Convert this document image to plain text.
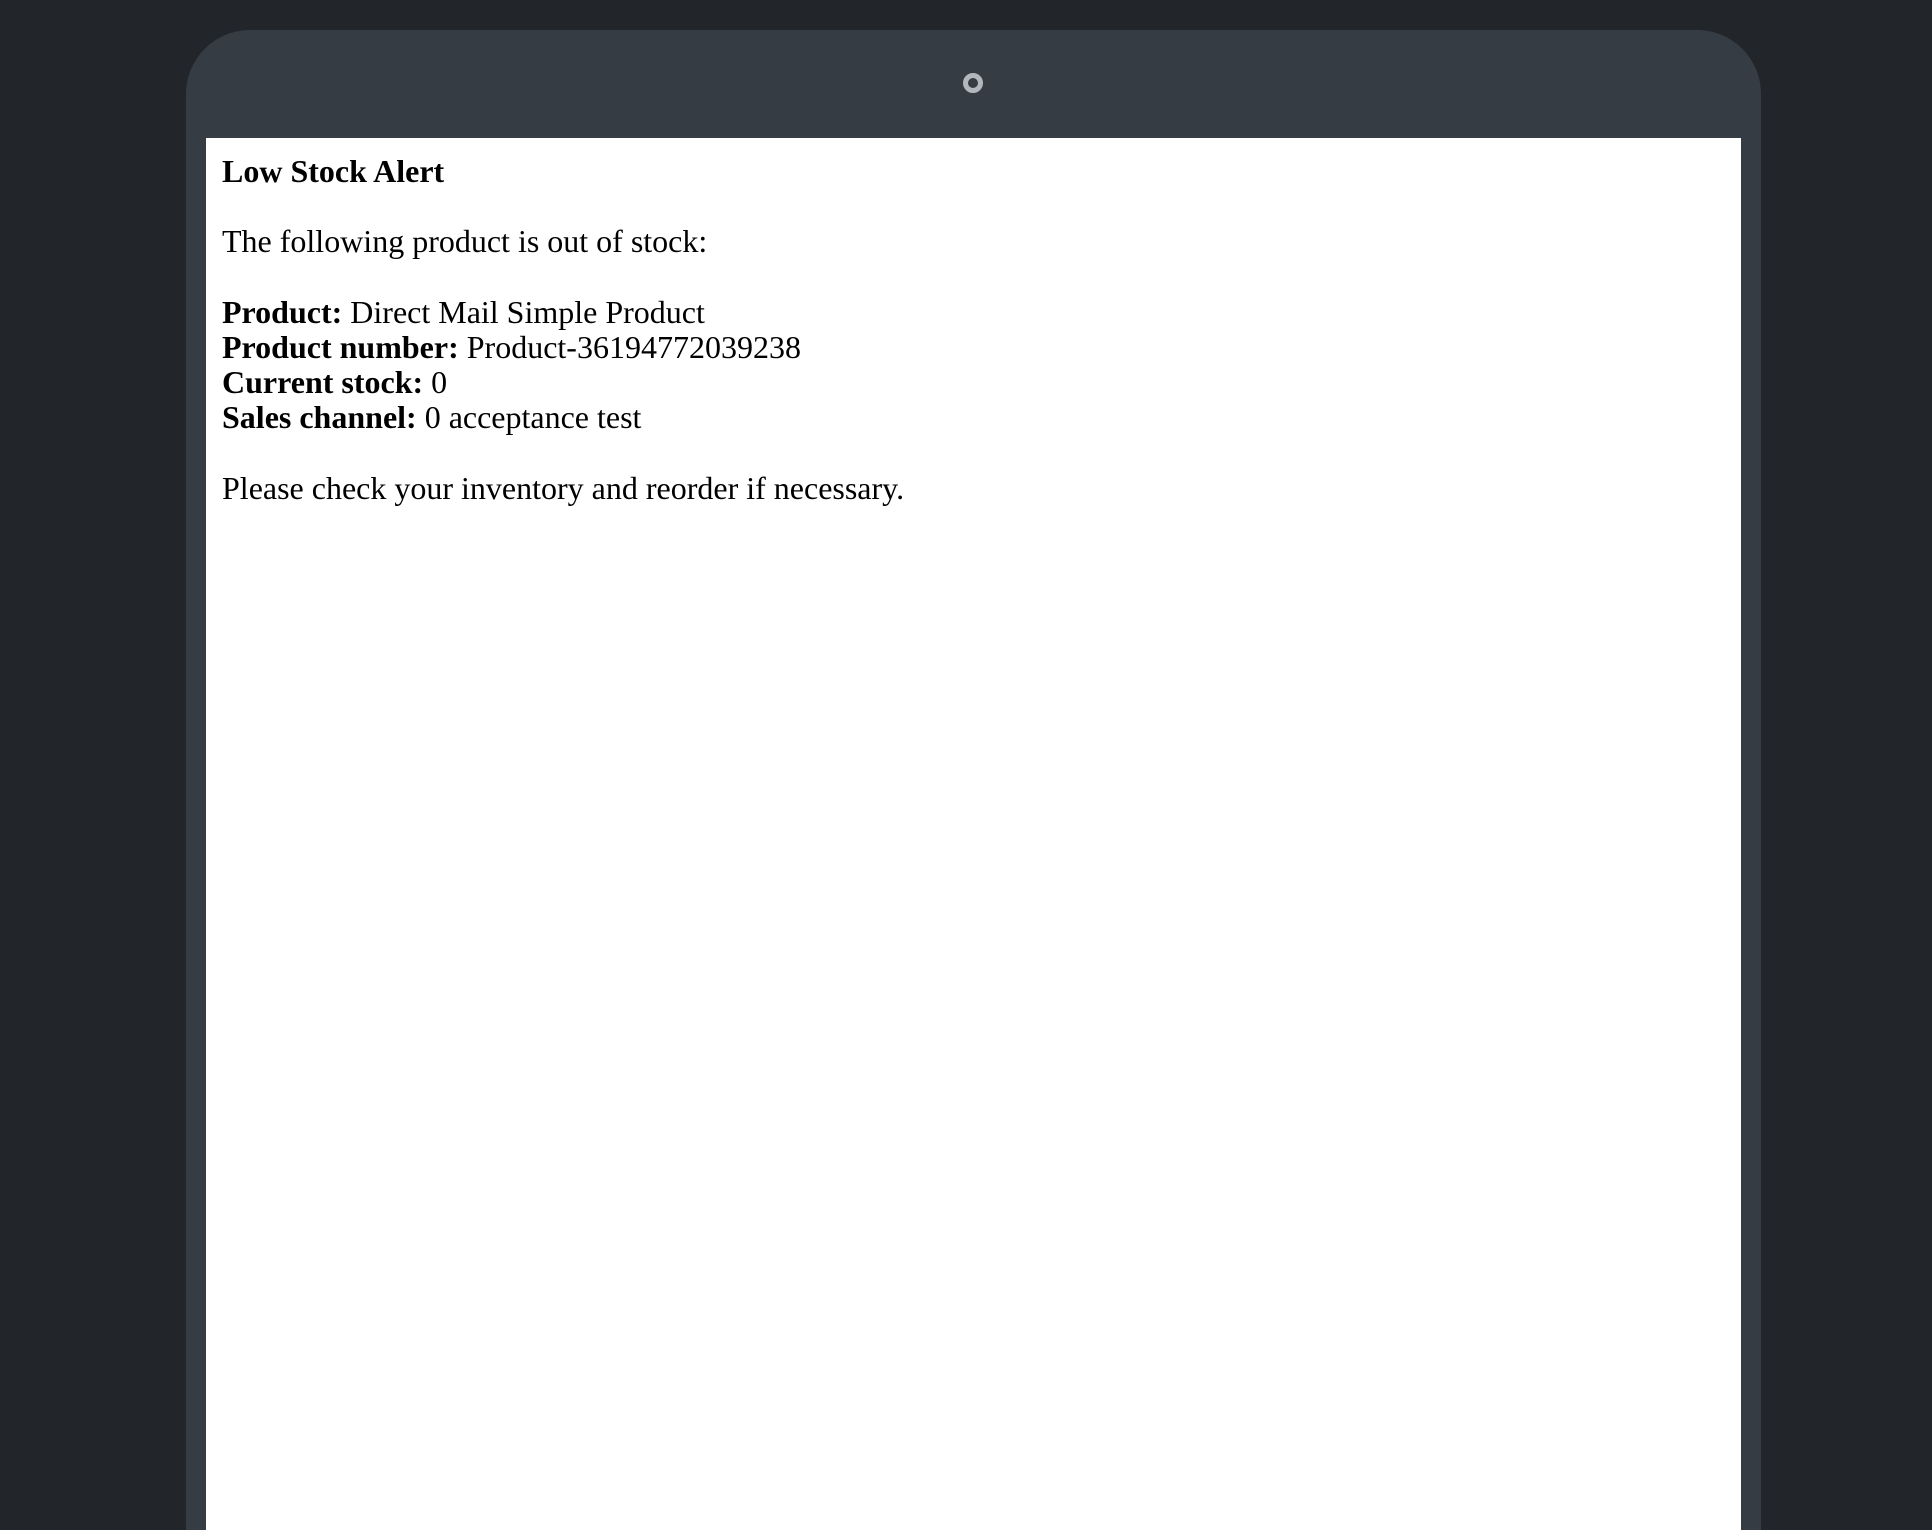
Low Stock Alert

The following product is out of stock:

Product: Direct Mail Simple Product
Product number: Product-36194772039238
Current stock: 0
Sales channel: 0 acceptance test

Please check your inventory and reorder if necessary.
